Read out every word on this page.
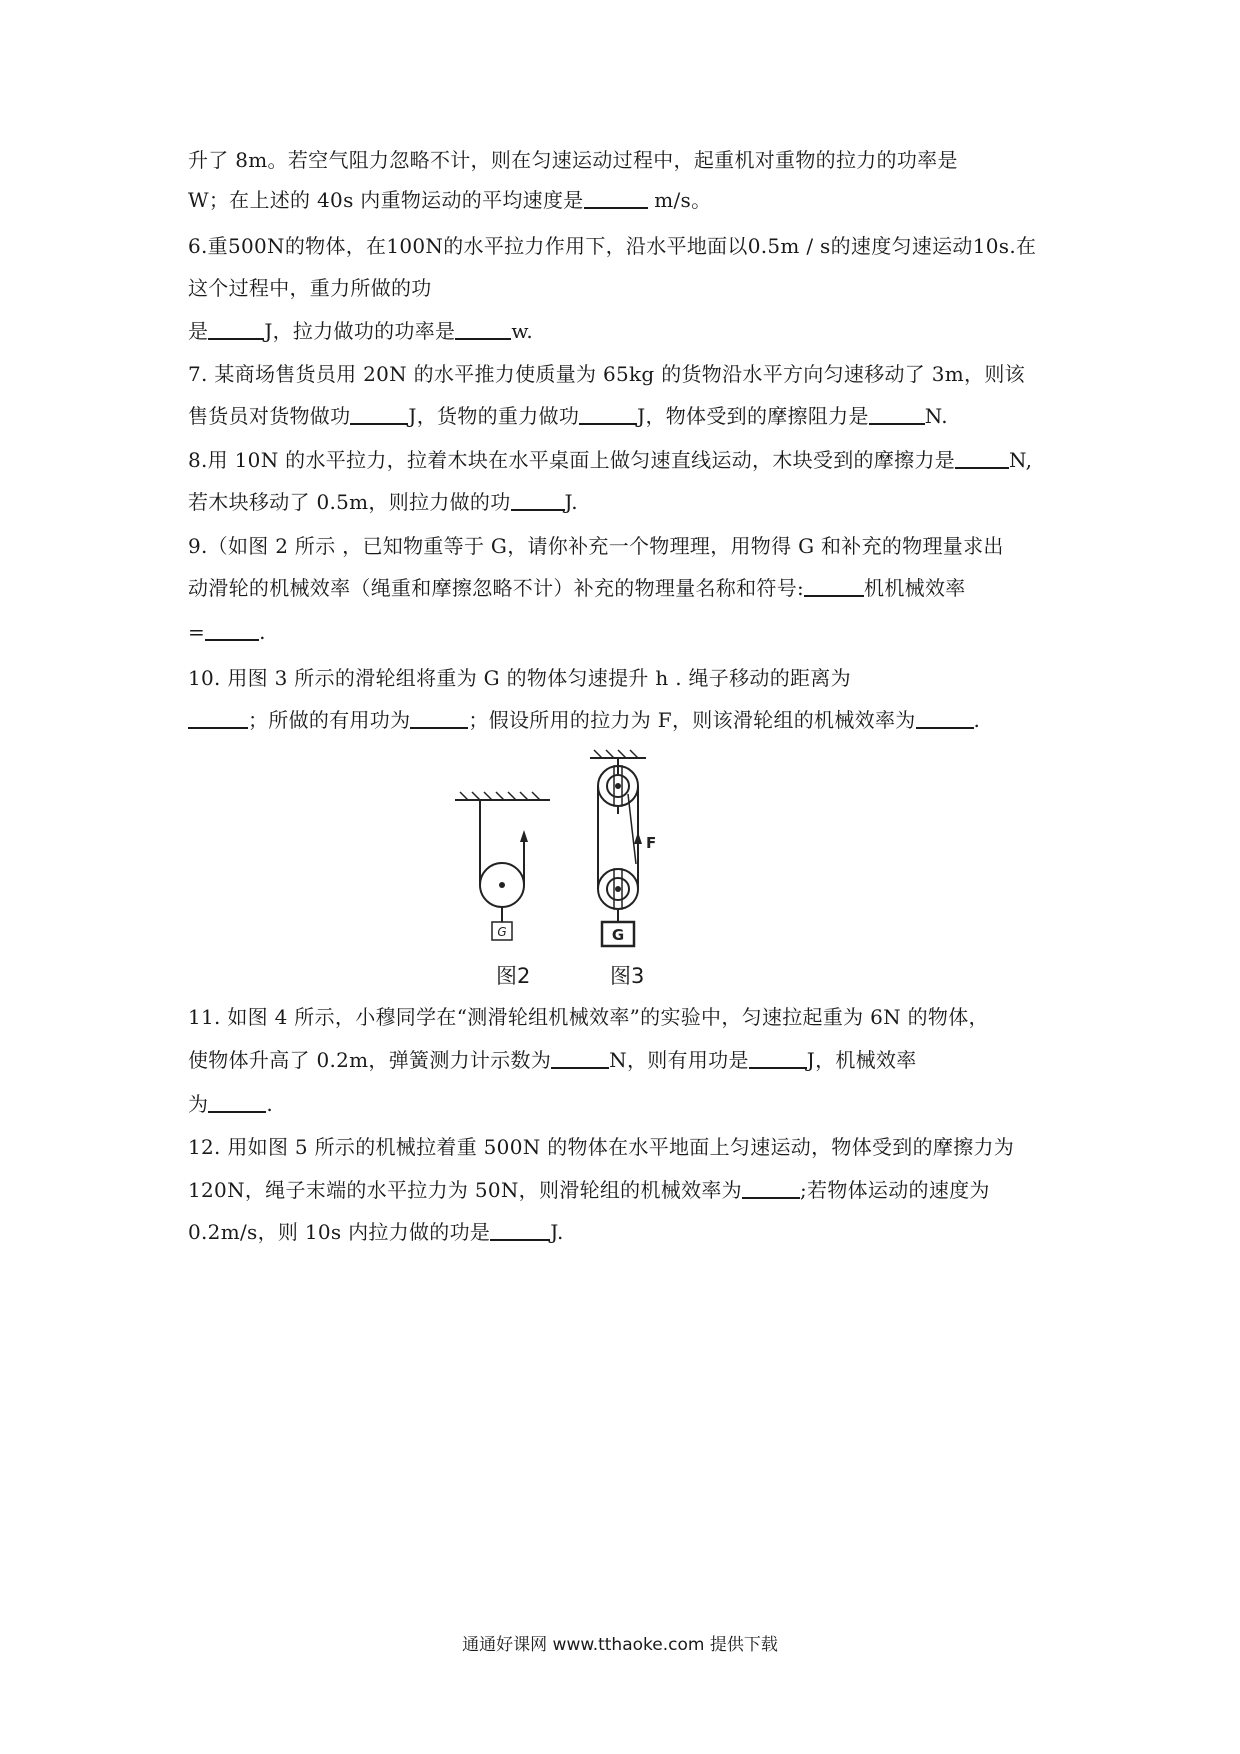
升了 8m。若空气阻力忽略不计，则在匀速运动过程中，起重机对重物的拉力的功率是
W；在上述的 40s 内重物运动的平均速度是	m/s。
6.重500N的物体，在100N的水平拉力作用下，沿水平地面以0.5m / s的速度匀速运动10s.在
这个过程中，重力所做的功
是	J，拉力做功的功率是	w.
7. 某商场售货员用 20N 的水平推力使质量为 65kg 的货物沿水平方向匀速移动了 3m，则该
售货员对货物做功	J，货物的重力做功	J，物体受到的摩擦阻力是	N.
8.用 10N 的水平拉力，拉着木块在水平桌面上做匀速直线运动，木块受到的摩擦力是	N,
若木块移动了 0.5m，则拉力做的功	J.
9.（如图 2 所示 ，已知物重等于 G，请你补充一个物理理，用物得 G 和补充的物理量求出
动滑轮的机械效率（绳重和摩擦忽略不计）补充的物理量名称和符号:	机机械效率
=	.
10. 用图 3 所示的滑轮组将重为 G 的物体匀速提升 h . 绳子移动的距离为
；所做的有用功为	；假设所用的拉力为 F，则该滑轮组的机械效率为	.
G
F
G
图2	图3
11. 如图 4 所示，小穆同学在“测滑轮组机械效率”的实验中，匀速拉起重为 6N 的物体，
使物体升高了 0.2m，弹簧测力计示数为	N，则有用功是	J，机械效率
为	.
12. 用如图 5 所示的机械拉着重 500N 的物体在水平地面上匀速运动，物体受到的摩擦力为
120N，绳子末端的水平拉力为 50N，则滑轮组的机械效率为	;若物体运动的速度为
0.2m/s，则 10s 内拉力做的功是	J.
通通好课网 www.tthaoke.com 提供下载
